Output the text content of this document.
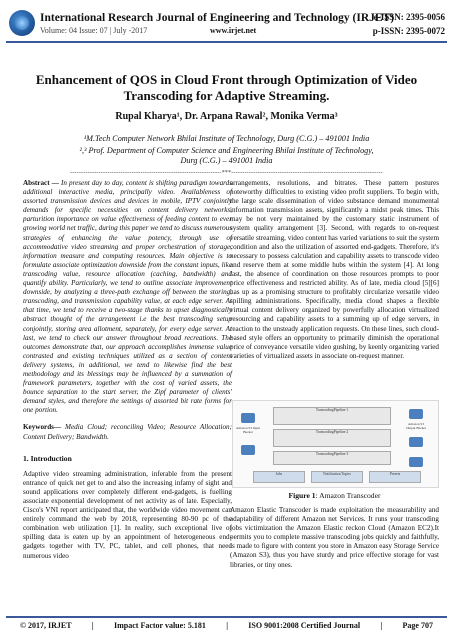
International Research Journal of Engineering and Technology (IRJET)
e-ISSN: 2395-0056
Volume: 04 Issue: 07 | July -2017	www.irjet.net	p-ISSN: 2395-0072
Enhancement of QOS in Cloud Front through Optimization of Video
Transcoding for Adaptive Streaming.
Rupal Kharya¹, Dr. Arpana Rawal², Monika Verma³
¹M.Tech Computer Network Bhilai Institute of Technology, Durg (C.G.) – 491001 India
²,³ Prof. Department of Computer Science and Engineering Bhilai Institute of Technology,
Durg (C.G.) – 491001 India
---------------------------------------------------------------------***---------------------------------------------------------------------
Abstract — In present day to day, content is shifting paradigm towards additional interactive media, principally video. Availableness of assorted transmission devices and devices in mobile, IPTV conjointly demands for specific necessities on content delivery networks, parturition importance on value effectiveness of feeding content to ever growing world net traffic, during this paper we tend to discuss numerous strategies of enhancing the value potency, through use of accommodative video streaming and proper orchestration of storage, information measure and computing resources. Main objective is to formulate associate optimization downside from the constant inputs, like transcoding value, resource allocation (caching, bandwidth) and quantify ability. Particularly, we tend to outline associate improvement downside, by analyzing a three-path exchange off between the storing, transcoding, and transmission capability value, at each edge server. At that time, we tend to receive a two-stage thanks to upset diagnostically abstract thought of the arrangement i.e the best transcoding setup conjointly, storing area allotment, separately, for every edge server. At last, we tend to check our answer throughout broad recreations. The outcomes demonstrate that, our approach accomplishes immense value contrasted and existing techniques utilized as a section of content delivery systems, in additional, we tend to likewise find the best methodology and its blessings may be influenced by a summation of framework parameters, together with the cost of varied assets, the bounce separation to the start server, the Zipf parameter of clients' demand styles, and therefore the settings of assorted bit rate forms for one portion.
Keywords— Media Cloud; reconciling Video; Resource Allocation; Content Delivery; Bandwidth.
1. Introduction
Adaptive video streaming administration, inferable from the present entrance of quick net get to and also the increasing infamy of sight and sound applications over completely different end-gadgets, is fuelling associate exponential development of net activity as of late. Especially, Cisco's VNI report anticipated that, the worldwide video movement can entirely command the web by 2018, representing 80-90 pc of the combination web utilization [1]. In reality, such exceptional live of spilling data is eaten up by an appointment of heterogeneous end-gadgets together with TV, PC, tablet, and cell phones, that need numerous video
arrangements, resolutions, and bitrates. These pattern postures noteworthy difficulties to existing video profit suppliers. To begin with, the large scale dissemination of video substance demand monumental information transmission assets, significantly a midst peak times. This may be not very maintained by the customary static instrument of system quality arrangement [3]. Second, with regards to on-request versatile streaming, video content has varied variations to suit the system condition and also the utilization of assorted end-gadgets. Therefore, it's necessary to possess calculation and capability assets to transcode video and reserve them at some middle hubs within the system [4]. At long last, the absence of coordination on those resources prompts to poor price effectiveness and restricted ability. As of late, media cloud [5][6] has up as a promising structure to profitably circularize versatile video spilling administrations. Specifically, media cloud shapes a flexible virtual content delivery organized by powerfully allocation virtualized resourcing and capability assets to a summing up of edge servers, in reaction to the unsteady application requests. On these lines, such cloud-based style offers an opportunity to primarily diminish the operational price of conveyance versatile video gushing, by keenly organizing varied varieties of virtualized assets in associate on-request manner.
Amazon S3 Input Bucket
TranscodingPipeline 1
TranscodingPipeline 2
TranscodingPipeline 3
Amazon S3 Output Bucket
Jobs	Notification Topics	Presets
Figure 1: Amazon Transcoder
Amazon Elastic Transcoder is made exploitation the measurability and adaptability of different Amazon net Services. It runs your transcoding jobs victimization the Amazon Elastic reckon Cloud (Amazon EC2).It permits you to complete massive transcoding jobs quickly and faithfully, is made to figure with content you store in Amazon easy Storage Service (Amazon S3), thus you have sturdy and price effective storage for vast libraries, or tiny ones.
© 2017, IRJET	|	Impact Factor value: 5.181	|	ISO 9001:2008 Certified Journal	|	Page 707
